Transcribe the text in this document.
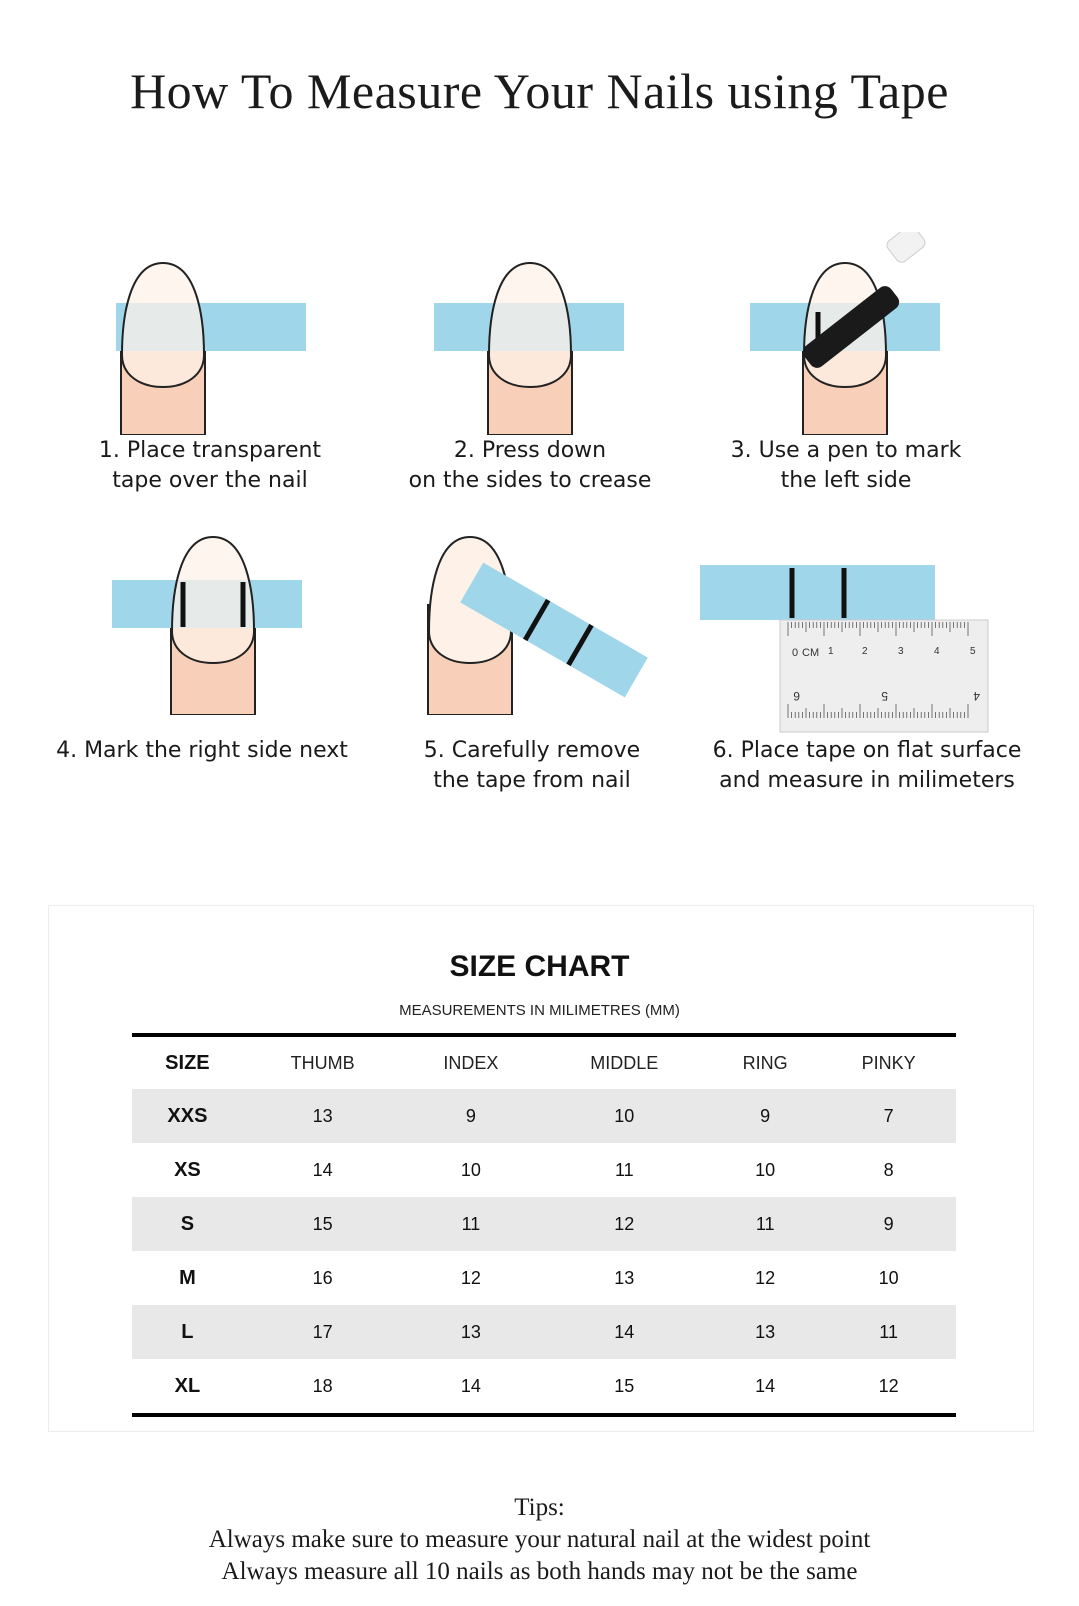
How To Measure Your Nails using Tape
1. Place transparent
tape over the nail
2. Press down
on the sides to crease
3. Use a pen to mark
the left side
4. Mark the right side next	5. Carefully remove
the tape from nail
0 CM 1	2	3	4	5
6	5	4
6. Place tape on flat surface
and measure in milimeters
SIZE CHART
MEASUREMENTS IN MILIMETRES (MM)
SIZE	THUMB	INDEX	MIDDLE	RING	PINKY
XXS	13	9	10	9	7
XS	14	10	11	10	8
S	15	11	12	11	9
M	16	12	13	12	10
L	17	13	14	13	11
XL	18	14	15	14	12
Tips:
Always make sure to measure your natural nail at the widest point
Always measure all 10 nails as both hands may not be the same
